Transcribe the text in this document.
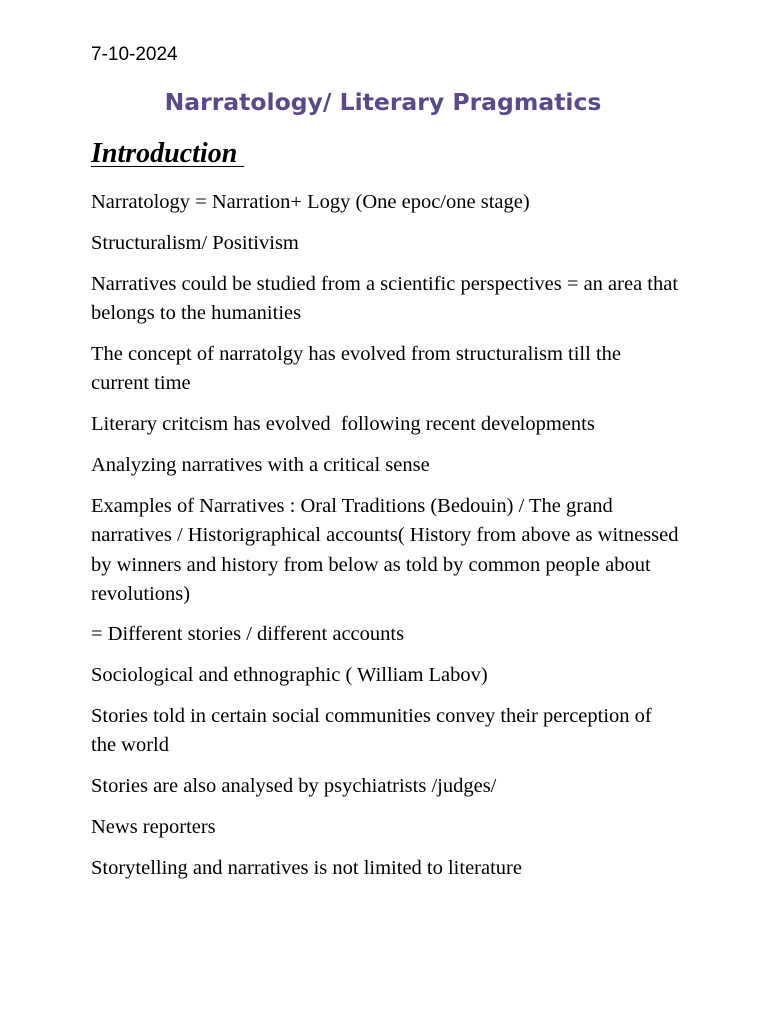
7-10-2024
Narratology/ Literary Pragmatics
Introduction
Narratology = Narration+ Logy (One epoc/one stage)
Structuralism/ Positivism
Narratives could be studied from a scientific perspectives = an area that belongs to the humanities
The concept of narratolgy has evolved from structuralism till the current time
Literary critcism has evolved  following recent developments
Analyzing narratives with a critical sense
Examples of Narratives : Oral Traditions (Bedouin) / The grand narratives / Historigraphical accounts( History from above as witnessed by winners and history from below as told by common people about revolutions)
= Different stories / different accounts
Sociological and ethnographic ( William Labov)
Stories told in certain social communities convey their perception of the world
Stories are also analysed by psychiatrists /judges/
News reporters
Storytelling and narratives is not limited to literature
